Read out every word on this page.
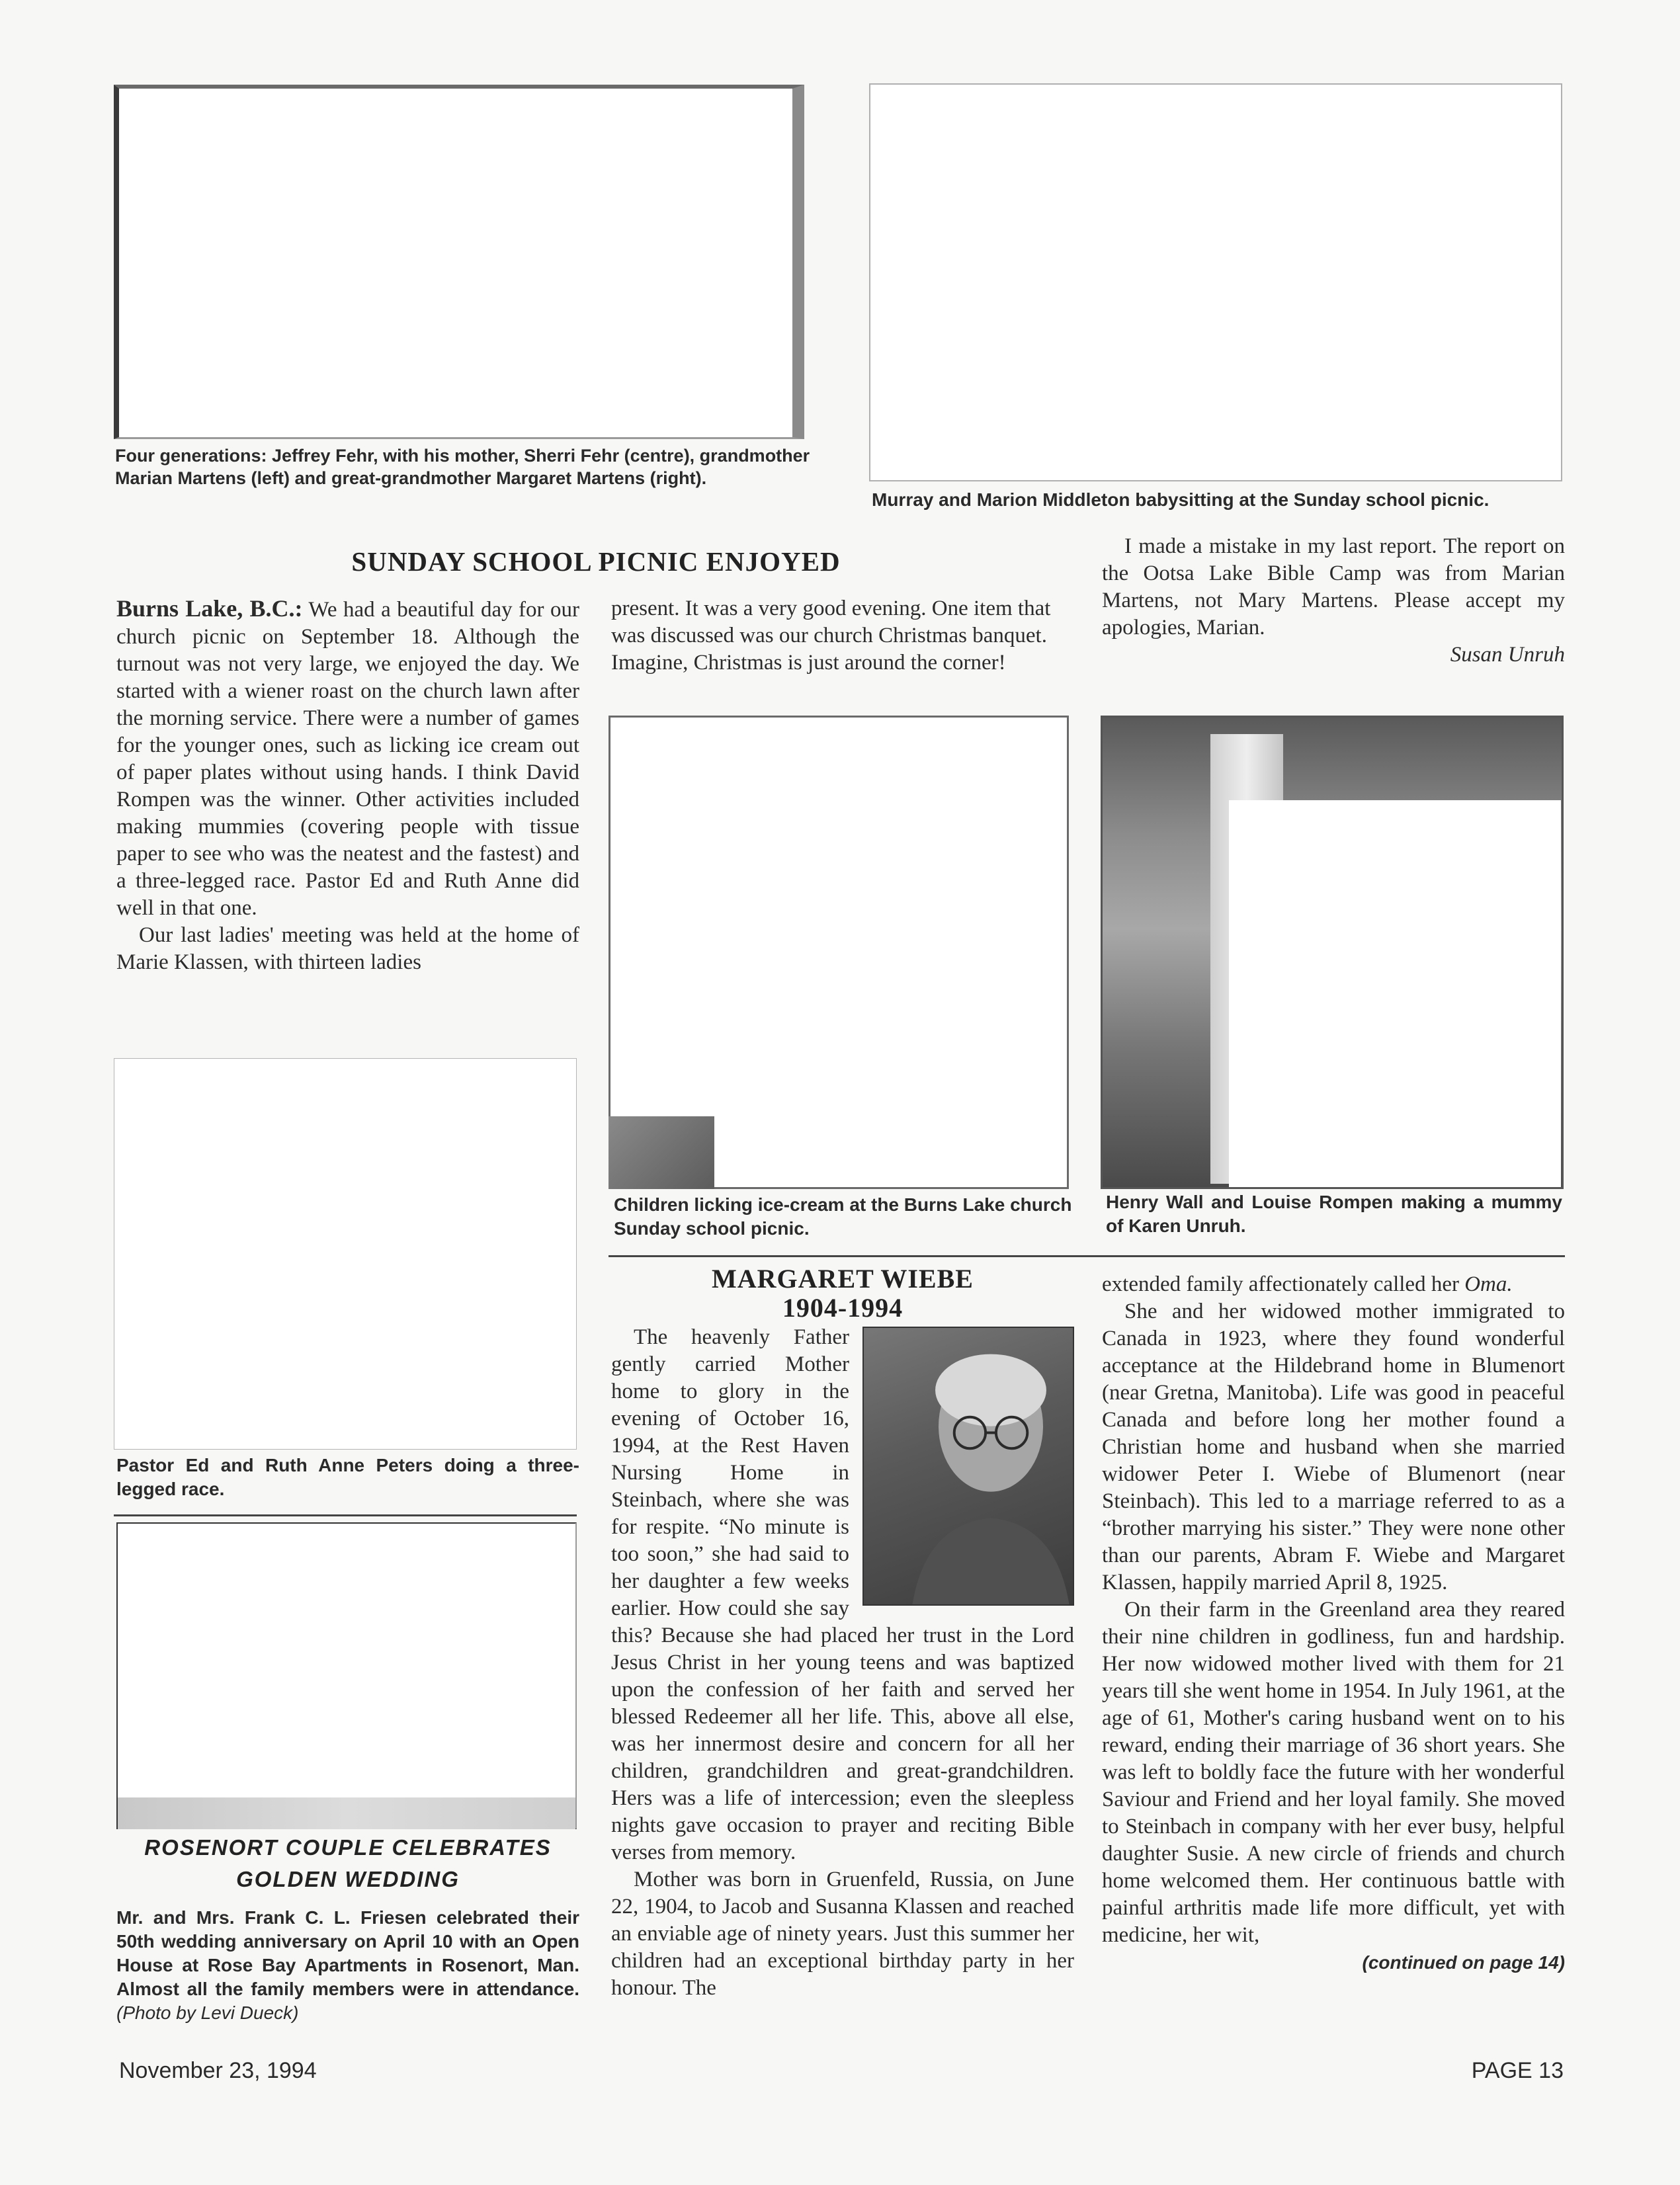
Four generations: Jeffrey Fehr, with his mother, Sherri Fehr (centre), grandmother Marian Martens (left) and great-grandmother Margaret Martens (right).

Murray and Marion Middleton babysitting at the Sunday school picnic.

SUNDAY SCHOOL PICNIC ENJOYED

Burns Lake, B.C.: We had a beautiful day for our church picnic on September 18. Although the turnout was not very large, we enjoyed the day. We started with a wiener roast on the church lawn after the morning service. There were a number of games for the younger ones, such as licking ice cream out of paper plates without using hands. I think David Rompen was the winner. Other activities included making mummies (covering people with tissue paper to see who was the neatest and the fastest) and a three-legged race. Pastor Ed and Ruth Anne did well in that one.

Our last ladies' meeting was held at the home of Marie Klassen, with thirteen ladies

present. It was a very good evening. One item that was discussed was our church Christmas banquet. Imagine, Christmas is just around the corner!

I made a mistake in my last report. The report on the Ootsa Lake Bible Camp was from Marian Martens, not Mary Martens. Please accept my apologies, Marian.

Susan Unruh

Children licking ice-cream at the Burns Lake church Sunday school picnic.

Henry Wall and Louise Rompen making a mummy of Karen Unruh.

Pastor Ed and Ruth Anne Peters doing a three-legged race.

ROSENORT COUPLE CELEBRATES
GOLDEN WEDDING

Mr. and Mrs. Frank C. L. Friesen celebrated their 50th wedding anniversary on April 10 with an Open House at Rose Bay Apartments in Rosenort, Man. Almost all the family members were in attendance. (Photo by Levi Dueck)

MARGARET WIEBE
1904-1994

The heavenly Father gently carried Mother home to glory in the evening of October 16, 1994, at the Rest Haven Nursing Home in Steinbach, where she was for respite. “No minute is too soon,” she had said to her daughter a few weeks earlier. How could she say this? Because she had placed her trust in the Lord Jesus Christ in her young teens and was baptized upon the confession of her faith and served her blessed Redeemer all her life. This, above all else, was her innermost desire and concern for all her children, grandchildren and great-grandchildren. Hers was a life of intercession; even the sleepless nights gave occasion to prayer and reciting Bible verses from memory.

Mother was born in Gruenfeld, Russia, on June 22, 1904, to Jacob and Susanna Klassen and reached an enviable age of ninety years. Just this summer her children had an exceptional birthday party in her honour. The

extended family affectionately called her Oma.

She and her widowed mother immigrated to Canada in 1923, where they found wonderful acceptance at the Hildebrand home in Blumenort (near Gretna, Manitoba). Life was good in peaceful Canada and before long her mother found a Christian home and husband when she married widower Peter I. Wiebe of Blumenort (near Steinbach). This led to a marriage referred to as a “brother marrying his sister.” They were none other than our parents, Abram F. Wiebe and Margaret Klassen, happily married April 8, 1925.

On their farm in the Greenland area they reared their nine children in godliness, fun and hardship. Her now widowed mother lived with them for 21 years till she went home in 1954. In July 1961, at the age of 61, Mother's caring husband went on to his reward, ending their marriage of 36 short years. She was left to boldly face the future with her wonderful Saviour and Friend and her loyal family. She moved to Steinbach in company with her ever busy, helpful daughter Susie. A new circle of friends and church home welcomed them. Her continuous battle with painful arthritis made life more difficult, yet with medicine, her wit,

(continued on page 14)

November 23, 1994	PAGE 13
